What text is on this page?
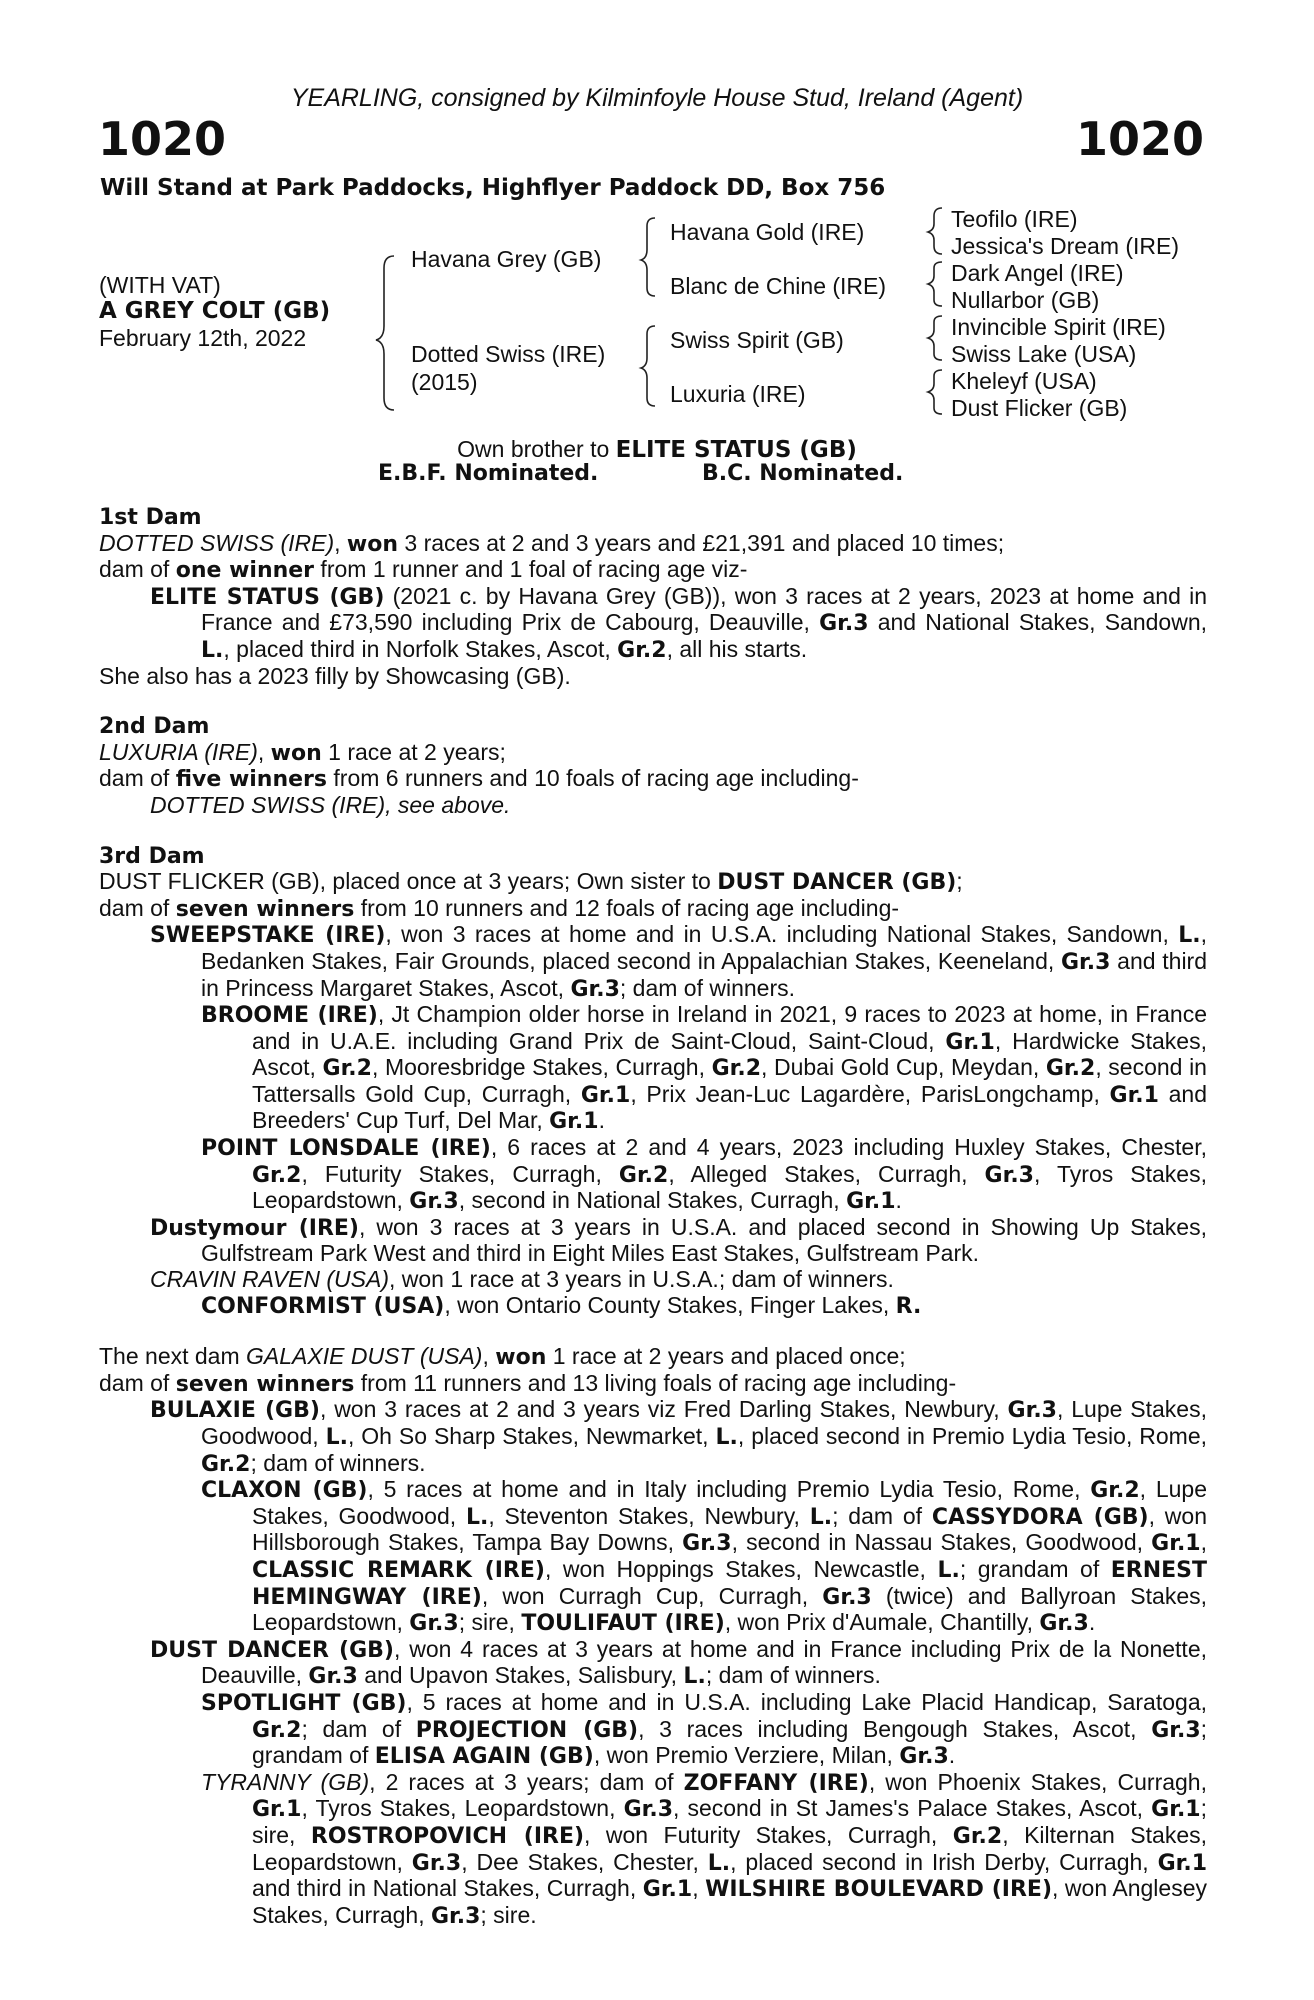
YEARLING, consigned by Kilminfoyle House Stud, Ireland (Agent)
1020	1020
Will Stand at Park Paddocks, Highflyer Paddock DD, Box 756
(WITH VAT)
A GREY COLT (GB)
February 12th, 2022
Havana Grey (GB)
Dotted Swiss (IRE)
(2015)
Havana Gold (IRE)
Blanc de Chine (IRE)
Swiss Spirit (GB)
Luxuria (IRE)
Teofilo (IRE)
Jessica's Dream (IRE)
Dark Angel (IRE)
Nullarbor (GB)
Invincible Spirit (IRE)
Swiss Lake (USA)
Kheleyf (USA)
Dust Flicker (GB)
Own brother to ELITE STATUS (GB)
E.B.F. Nominated.	B.C. Nominated.

1st Dam

DOTTED SWISS (IRE), won 3 races at 2 and 3 years and £21,391 and placed 10 times;
dam of one winner from 1 runner and 1 foal of racing age viz-

ELITE STATUS (GB) (2021 c. by Havana Grey (GB)), won 3 races at 2 years, 2023 at home and in France and £73,590 including Prix de Cabourg, Deauville, Gr.3 and National Stakes, Sandown, L., placed third in Norfolk Stakes, Ascot, Gr.2, all his starts.

She also has a 2023 filly by Showcasing (GB).

2nd Dam

LUXURIA (IRE), won 1 race at 2 years;
dam of five winners from 6 runners and 10 foals of racing age including-

DOTTED SWISS (IRE), see above.

3rd Dam

DUST FLICKER (GB), placed once at 3 years; Own sister to DUST DANCER (GB);
dam of seven winners from 10 runners and 12 foals of racing age including-

SWEEPSTAKE (IRE), won 3 races at home and in U.S.A. including National Stakes, Sandown, L., Bedanken Stakes, Fair Grounds, placed second in Appalachian Stakes, Keeneland, Gr.3 and third in Princess Margaret Stakes, Ascot, Gr.3; dam of winners.

BROOME (IRE), Jt Champion older horse in Ireland in 2021, 9 races to 2023 at home, in France and in U.A.E. including Grand Prix de Saint-Cloud, Saint-Cloud, Gr.1, Hardwicke Stakes, Ascot, Gr.2, Mooresbridge Stakes, Curragh, Gr.2, Dubai Gold Cup, Meydan, Gr.2, second in Tattersalls Gold Cup, Curragh, Gr.1, Prix Jean-Luc Lagardère, ParisLongchamp, Gr.1 and Breeders' Cup Turf, Del Mar, Gr.1.

POINT LONSDALE (IRE), 6 races at 2 and 4 years, 2023 including Huxley Stakes, Chester, Gr.2, Futurity Stakes, Curragh, Gr.2, Alleged Stakes, Curragh, Gr.3, Tyros Stakes, Leopardstown, Gr.3, second in National Stakes, Curragh, Gr.1.

Dustymour (IRE), won 3 races at 3 years in U.S.A. and placed second in Showing Up Stakes, Gulfstream Park West and third in Eight Miles East Stakes, Gulfstream Park.

CRAVIN RAVEN (USA), won 1 race at 3 years in U.S.A.; dam of winners.

CONFORMIST (USA), won Ontario County Stakes, Finger Lakes, R.

The next dam GALAXIE DUST (USA), won 1 race at 2 years and placed once;
dam of seven winners from 11 runners and 13 living foals of racing age including-

BULAXIE (GB), won 3 races at 2 and 3 years viz Fred Darling Stakes, Newbury, Gr.3, Lupe Stakes, Goodwood, L., Oh So Sharp Stakes, Newmarket, L., placed second in Premio Lydia Tesio, Rome, Gr.2; dam of winners.

CLAXON (GB), 5 races at home and in Italy including Premio Lydia Tesio, Rome, Gr.2, Lupe Stakes, Goodwood, L., Steventon Stakes, Newbury, L.; dam of CASSYDORA (GB), won Hillsborough Stakes, Tampa Bay Downs, Gr.3, second in Nassau Stakes, Goodwood, Gr.1, CLASSIC REMARK (IRE), won Hoppings Stakes, Newcastle, L.; grandam of ERNEST HEMINGWAY (IRE), won Curragh Cup, Curragh, Gr.3 (twice) and Ballyroan Stakes, Leopardstown, Gr.3; sire, TOULIFAUT (IRE), won Prix d'Aumale, Chantilly, Gr.3.

DUST DANCER (GB), won 4 races at 3 years at home and in France including Prix de la Nonette, Deauville, Gr.3 and Upavon Stakes, Salisbury, L.; dam of winners.

SPOTLIGHT (GB), 5 races at home and in U.S.A. including Lake Placid Handicap, Saratoga, Gr.2; dam of PROJECTION (GB), 3 races including Bengough Stakes, Ascot, Gr.3; grandam of ELISA AGAIN (GB), won Premio Verziere, Milan, Gr.3.

TYRANNY (GB), 2 races at 3 years; dam of ZOFFANY (IRE), won Phoenix Stakes, Curragh, Gr.1, Tyros Stakes, Leopardstown, Gr.3, second in St James's Palace Stakes, Ascot, Gr.1; sire, ROSTROPOVICH (IRE), won Futurity Stakes, Curragh, Gr.2, Kilternan Stakes, Leopardstown, Gr.3, Dee Stakes, Chester, L., placed second in Irish Derby, Curragh, Gr.1 and third in National Stakes, Curragh, Gr.1, WILSHIRE BOULEVARD (IRE), won Anglesey Stakes, Curragh, Gr.3; sire.
